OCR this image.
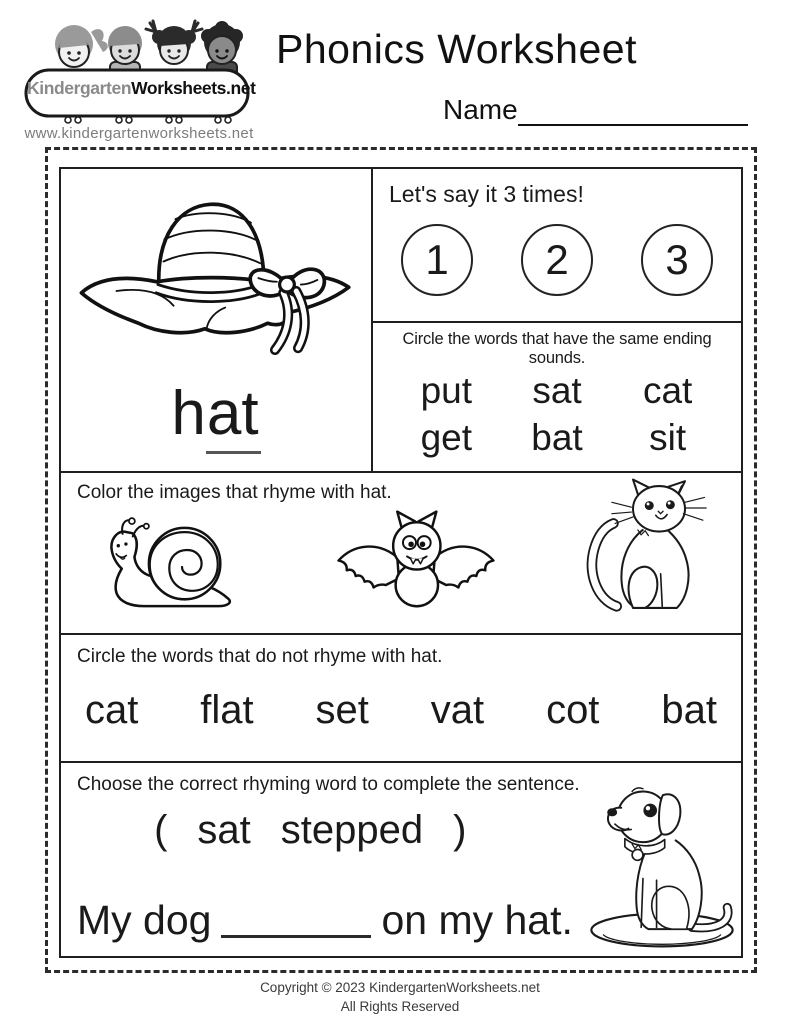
KindergartenWorksheets.net
www.kindergartenworksheets.net
Phonics Worksheet
Name
hat
Let's say it 3 times!
1	2	3
Circle the words that have the same ending sounds.
put sat cat
get bat sit
Color the images that rhyme with hat.
Circle the words that do not rhyme with hat.
cat flat set vat cot bat
Choose the correct rhyming word to complete the sentence.
( sat stepped )
My dog	on my hat.
Copyright © 2023 KindergartenWorksheets.net
All Rights Reserved
